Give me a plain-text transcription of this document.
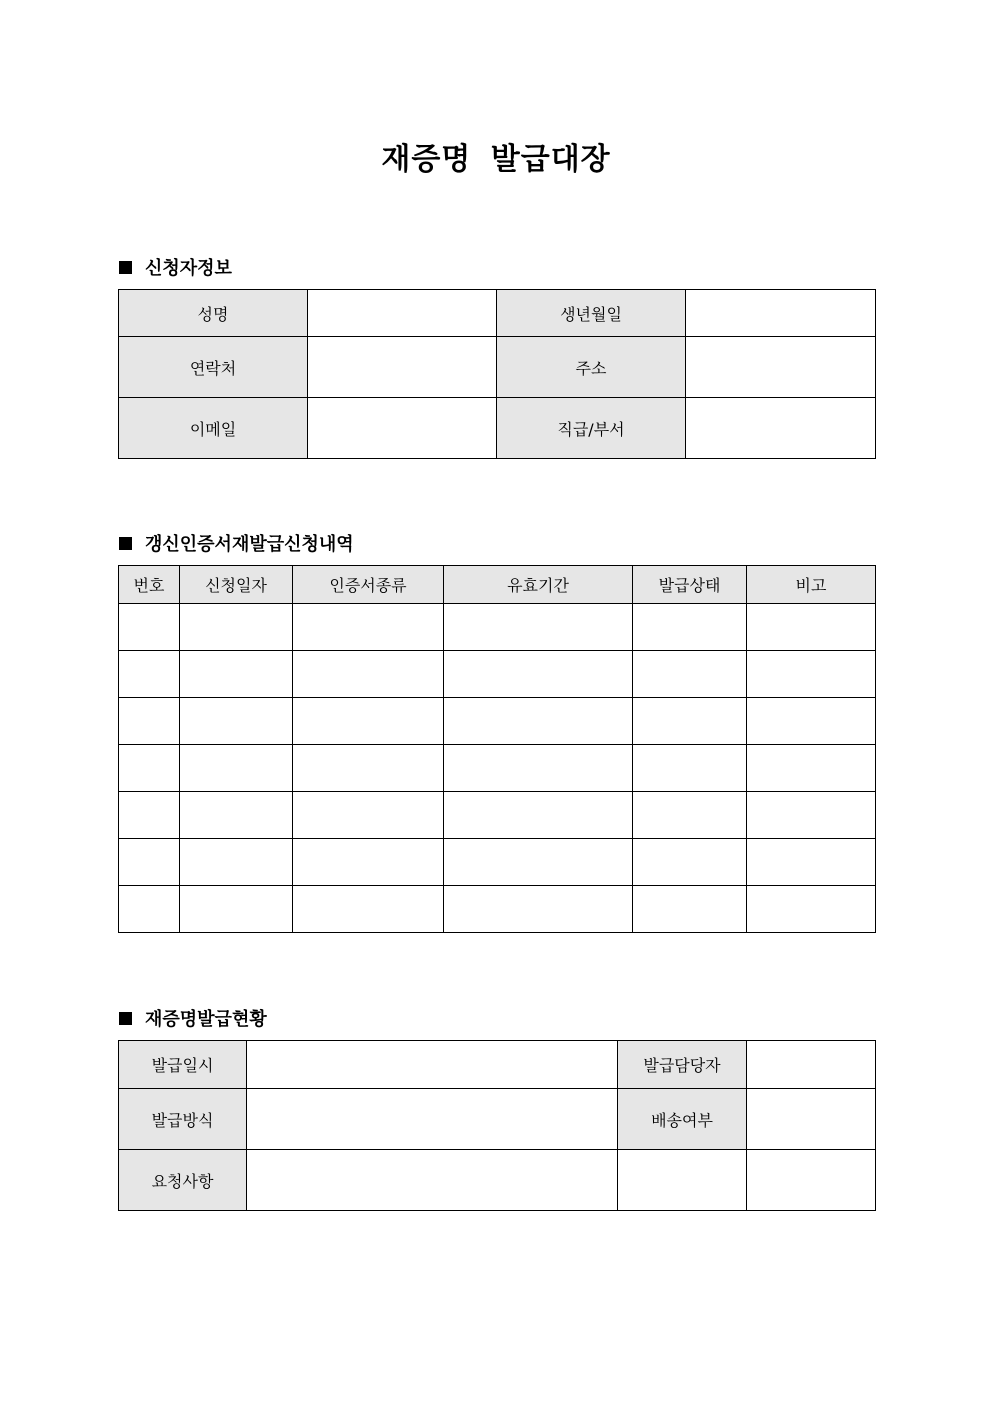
재증명 발급대장
신청자정보
성명		생년월일	
연락처		주소	
이메일		직급/부서	
갱신인증서재발급신청내역
번호	신청일자	인증서종류	유효기간	발급상태	비고

재증명발급현황
발급일시		발급담당자	
발급방식		배송여부	
요청사항			
